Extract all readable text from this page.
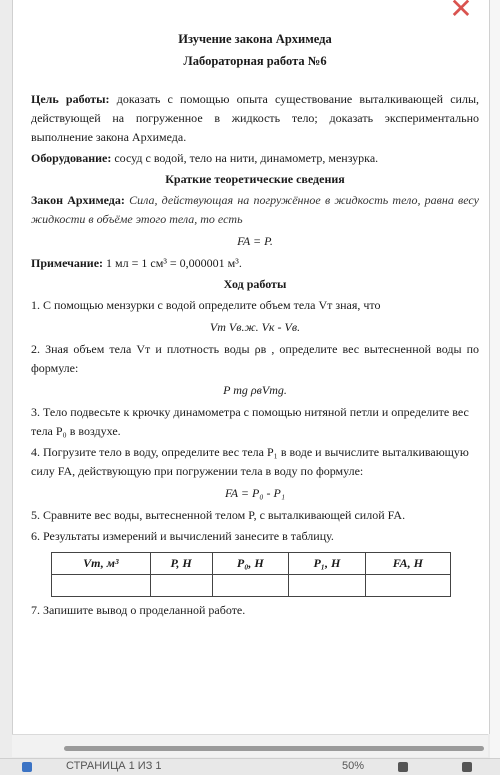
✕

Изучение закона Архимеда

Лабораторная работа №6

Цель работы: доказать с помощью опыта существование выталкивающей силы, действующей на погруженное в жидкость тело; доказать экспериментально выполнение закона Архимеда.

Оборудование: сосуд с водой, тело на нити, динамометр, мензурка.

Краткие теоретические сведения

Закон Архимеда: Сила, действующая на погружённое в жидкость тело, равна весу жидкости в объёме этого тела, то есть

FA = P.

Примечание: 1 мл = 1 см³ = 0,000001 м³.

Ход работы

1. С помощью мензурки с водой определите объем тела Vт зная, что

Vт Vв.ж. Vк - Vв.

2. Зная объем тела Vт и плотность воды ρв , определите вес вытесненной воды по формуле:

P mg ρвVтg.

3. Тело подвесьте к крючку динамометра с помощью нитяной петли и определите вес тела P₀ в воздухе.

4. Погрузите тело в воду, определите вес тела P₁ в воде и вычислите выталкивающую силу FA, действующую при погружении тела в воду по формуле:

FA = P₀ - P₁

5. Сравните вес воды, вытесненной телом P, с выталкивающей силой FA.

6. Результаты измерений и вычислений занесите в таблицу.

Vт, м³	P, Н	P₀, Н	P₁, Н	FA, Н

7. Запишите вывод о проделанной работе.

СТРАНИЦА 1 ИЗ 1	50%
